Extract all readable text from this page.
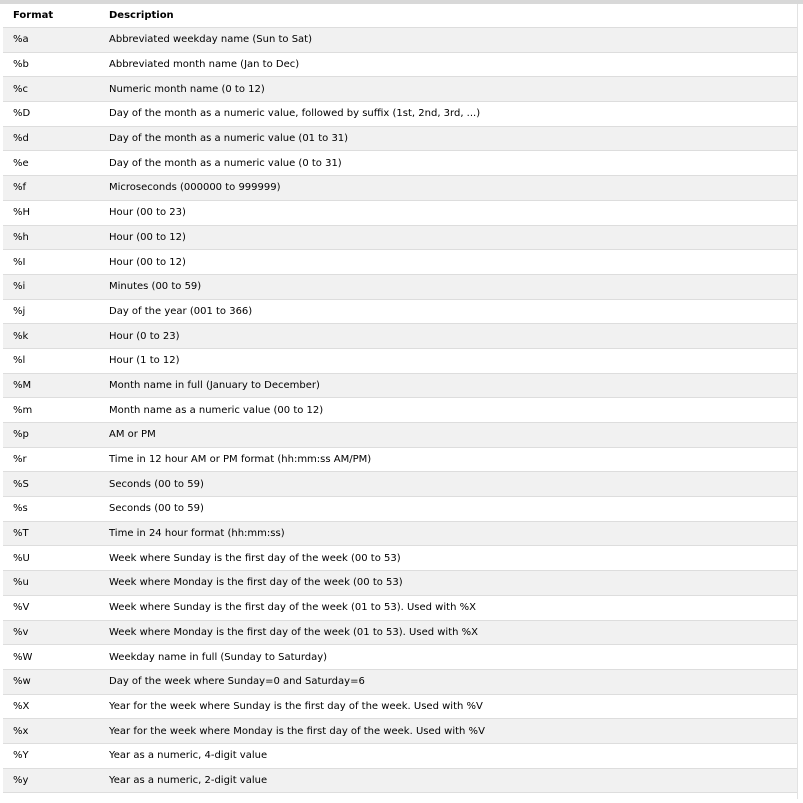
Format	Description
%a	Abbreviated weekday name (Sun to Sat)
%b	Abbreviated month name (Jan to Dec)
%c	Numeric month name (0 to 12)
%D	Day of the month as a numeric value, followed by suffix (1st, 2nd, 3rd, ...)
%d	Day of the month as a numeric value (01 to 31)
%e	Day of the month as a numeric value (0 to 31)
%f	Microseconds (000000 to 999999)
%H	Hour (00 to 23)
%h	Hour (00 to 12)
%I	Hour (00 to 12)
%i	Minutes (00 to 59)
%j	Day of the year (001 to 366)
%k	Hour (0 to 23)
%l	Hour (1 to 12)
%M	Month name in full (January to December)
%m	Month name as a numeric value (00 to 12)
%p	AM or PM
%r	Time in 12 hour AM or PM format (hh:mm:ss AM/PM)
%S	Seconds (00 to 59)
%s	Seconds (00 to 59)
%T	Time in 24 hour format (hh:mm:ss)
%U	Week where Sunday is the first day of the week (00 to 53)
%u	Week where Monday is the first day of the week (00 to 53)
%V	Week where Sunday is the first day of the week (01 to 53). Used with %X
%v	Week where Monday is the first day of the week (01 to 53). Used with %X
%W	Weekday name in full (Sunday to Saturday)
%w	Day of the week where Sunday=0 and Saturday=6
%X	Year for the week where Sunday is the first day of the week. Used with %V
%x	Year for the week where Monday is the first day of the week. Used with %V
%Y	Year as a numeric, 4-digit value
%y	Year as a numeric, 2-digit value
